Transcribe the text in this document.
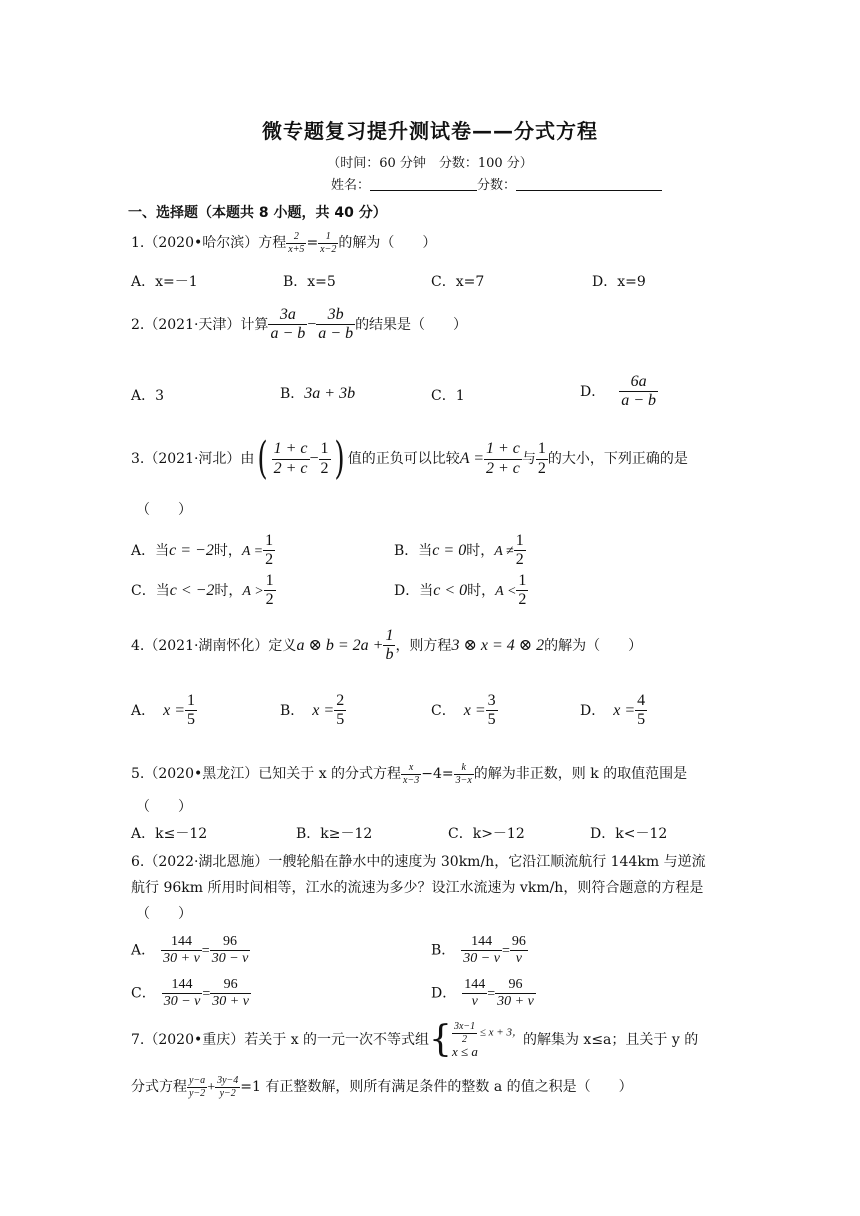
微专题复习提升测试卷——分式方程
（时间：60 分钟　分数：100 分）
姓名：	分数：
一、选择题（本题共 8 小题，共 40 分）
1.（2020•哈尔滨）方程 $\frac{2}{x+5} = \frac{1}{x-2}$ 的解为（　　）
A．x=－1	B．x=5	C．x=7	D．x=9
2.（2021·天津）计算 $\frac{3a}{a - b} - \frac{3b}{a - b}$ 的结果是（　　）
A．3	B．3a + 3b	C．1	D． $\frac{6a}{a - b}$
3.（2021·河北）由( $\frac{1 + c}{2 + c} - \frac{1}{2}$ ) 值的正负可以比较$A = \frac{1 + c}{2 + c}$ 与 $\frac{1}{2}$ 的大小，下列正确的是
（　　）
A．当c = −2时，$A = \frac{1}{2}$	B．当c = 0时，$A \ne \frac{1}{2}$
C．当c < −2时，$A > \frac{1}{2}$	D．当c < 0时，$A < \frac{1}{2}$
4.（2021·湖南怀化）定义a ⊗ $b = 2a + \frac{1}{b}$ ，则方程3 ⊗ x = 4 ⊗ 2的解为（　　）
A． $x = \frac{1}{5}$	B． $x = \frac{2}{5}$	C． $x = \frac{3}{5}$	D． $x = \frac{4}{5}$
5.（2020•黑龙江）已知关于 x 的分式方程 $\frac{x}{x-3} -4= \frac{k}{3-x}$ 的解为非正数，则 k 的取值范围是
（　　）
A．k≤－12	B．k≥－12	C．k>－12	D．k<－12
6.（2022·湖北恩施）一艘轮船在静水中的速度为 30km/h，它沿江顺流航行 144km 与逆流
航行 96km 所用时间相等，江水的流速为多少？设江水流速为 vkm/h，则符合题意的方程是
（　　）
A． $\frac{144}{30 + v} = \frac{96}{30 - v}$	B． $\frac{144}{30 - v} = \frac{96}{v}$
C． $\frac{144}{30 - v} = \frac{96}{30 + v}$	D． $\frac{144}{v} = \frac{96}{30 + v}$
7.（2020•重庆）若关于 x 的一元一次不等式组{ $\frac{3x-1}{2} \le x + 3$，
x ≤ a
的解集为 x≤a；且关于 y 的
分式方程 $\frac{y-a}{y-2} + \frac{3y-4}{y-2} =1$ 有正整数解，则所有满足条件的整数 a 的值之积是（　　）
